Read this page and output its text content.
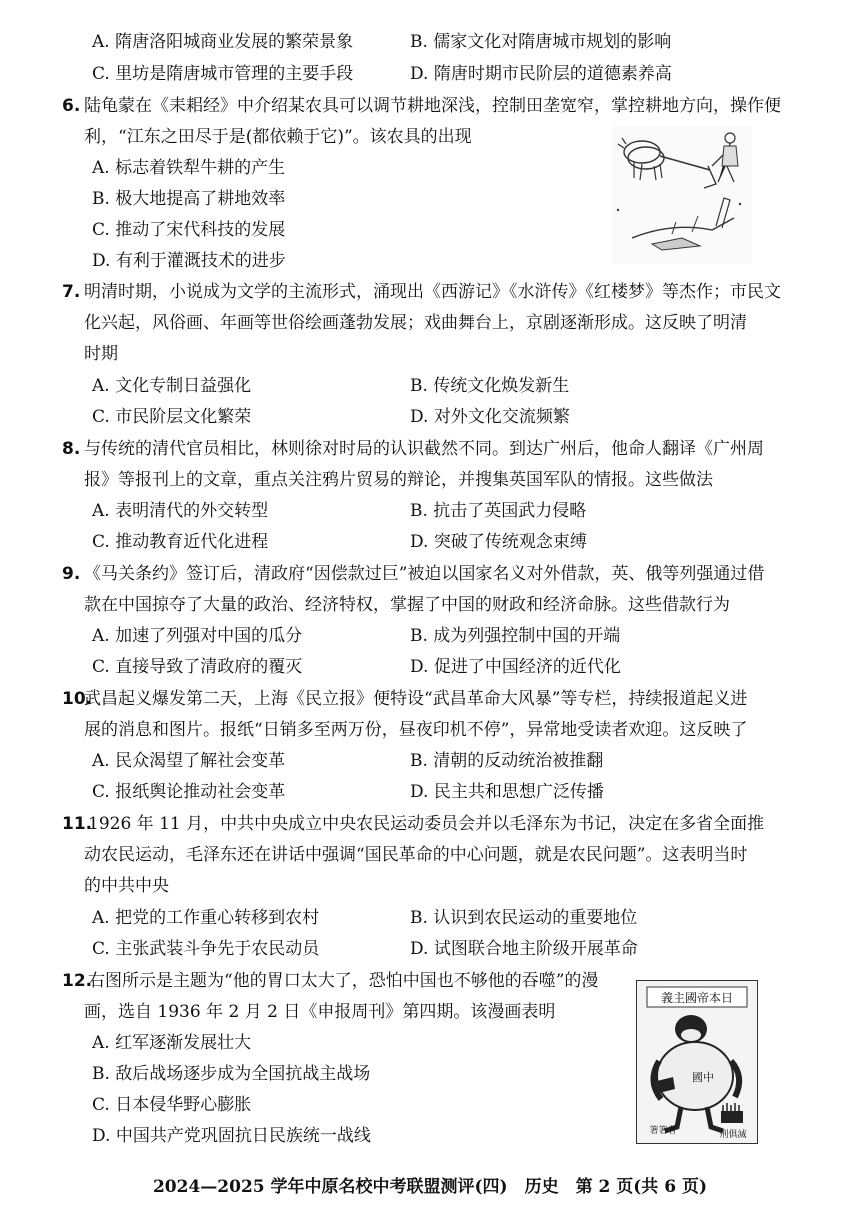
A. 隋唐洛阳城商业发展的繁荣景象	B. 儒家文化对隋唐城市规划的影响
C. 里坊是隋唐城市管理的主要手段	D. 隋唐时期市民阶层的道德素养高
6. 陆龟蒙在《耒耜经》中介绍某农具可以调节耕地深浅，控制田垄宽窄，掌控耕地方向，操作便
利，“江东之田尽于是(都依赖于它)”。该农具的出现
A. 标志着铁犁牛耕的产生
B. 极大地提高了耕地效率
C. 推动了宋代科技的发展
D. 有利于灌溉技术的进步
7. 明清时期，小说成为文学的主流形式，涌现出《西游记》《水浒传》《红楼梦》等杰作；市民文
化兴起，风俗画、年画等世俗绘画蓬勃发展；戏曲舞台上，京剧逐渐形成。这反映了明清
时期
A. 文化专制日益强化	B. 传统文化焕发新生
C. 市民阶层文化繁荣	D. 对外文化交流频繁
8. 与传统的清代官员相比，林则徐对时局的认识截然不同。到达广州后，他命人翻译《广州周
报》等报刊上的文章，重点关注鸦片贸易的辩论，并搜集英国军队的情报。这些做法
A. 表明清代的外交转型	B. 抗击了英国武力侵略
C. 推动教育近代化进程	D. 突破了传统观念束缚
9. 《马关条约》签订后，清政府“因偿款过巨”被迫以国家名义对外借款，英、俄等列强通过借
款在中国掠夺了大量的政治、经济特权，掌握了中国的财政和经济命脉。这些借款行为
A. 加速了列强对中国的瓜分	B. 成为列强控制中国的开端
C. 直接导致了清政府的覆灭	D. 促进了中国经济的近代化
10.
武昌起义爆发第二天，上海《民立报》便特设“武昌革命大风暴”等专栏，持续报道起义进
展的消息和图片。报纸“日销多至两万份，昼夜印机不停”，异常地受读者欢迎。这反映了
A. 民众渴望了解社会变革	B. 清朝的反动统治被推翻
C. 报纸舆论推动社会变革	D. 民主共和思想广泛传播
11.
1926 年 11 月，中共中央成立中央农民运动委员会并以毛泽东为书记，决定在多省全面推
动农民运动，毛泽东还在讲话中强调“国民革命的中心问题，就是农民问题”。这表明当时
的中共中央
A. 把党的工作重心转移到农村	B. 认识到农民运动的重要地位
C. 主张武装斗争先于农民动员	D. 试图联合地主阶级开展革命
12.
右图所示是主题为“他的胃口太大了，恐怕中国也不够他的吞噬”的漫
画，选自 1936 年 2 月 2 日《申报周刊》第四期。该漫画表明
A. 红军逐渐发展壮大
B. 敌后战场逐步成为全国抗战主战场
C. 日本侵华野心膨胀
D. 中国共产党巩固抗日民族统一战线
義主國帝本日
國中
箸箸者	刑俱滅
2024—2025 学年中原名校中考联盟测评(四)　历史　第 2 页(共 6 页)
